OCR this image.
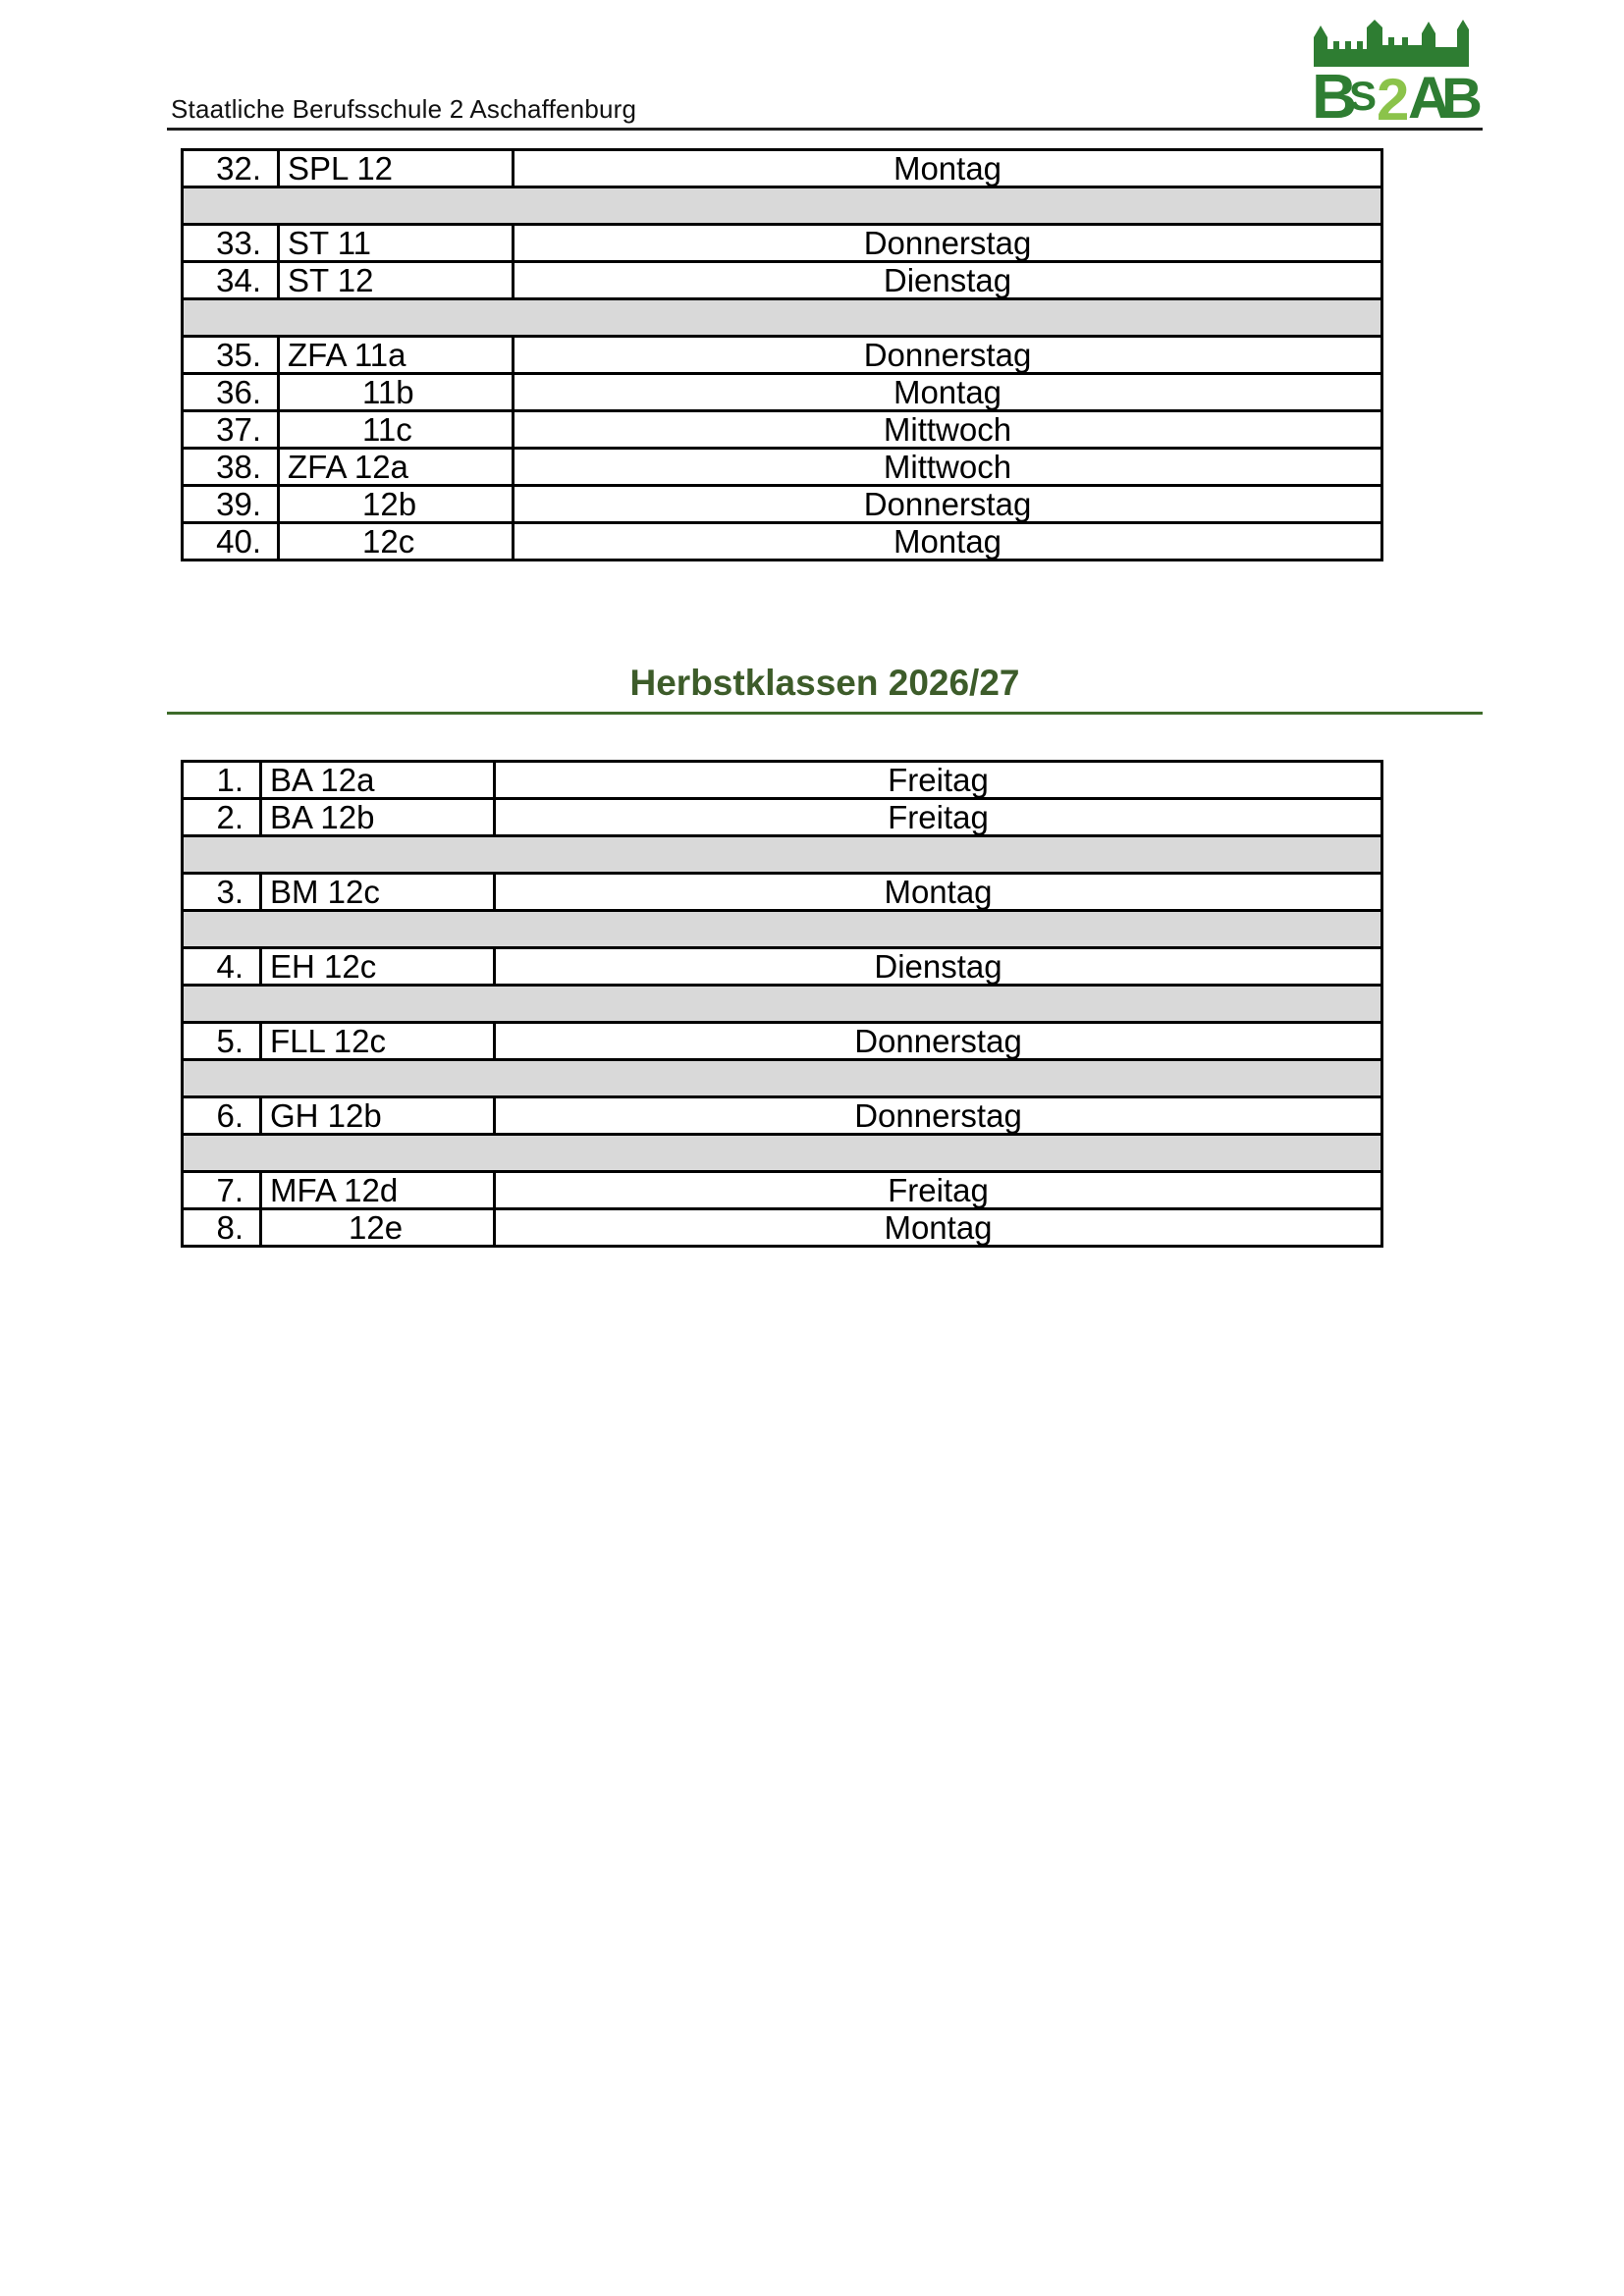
Staatliche Berufsschule 2 Aschaffenburg	B
S 2
A
B
32.	SPL 12	Montag

33.	ST 11	Donnerstag
34.	ST 12	Dienstag

35.	ZFA 11a	Donnerstag
36.	11b	Montag
37.	11c	Mittwoch
38.	ZFA 12a	Mittwoch
39.	12b	Donnerstag
40.	12c	Montag
Herbstklassen 2026/27
1.	BA 12a	Freitag
2.	BA 12b	Freitag

3.	BM 12c	Montag

4.	EH 12c	Dienstag

5.	FLL 12c	Donnerstag

6.	GH 12b	Donnerstag

7.	MFA 12d	Freitag
8.	12e	Montag
